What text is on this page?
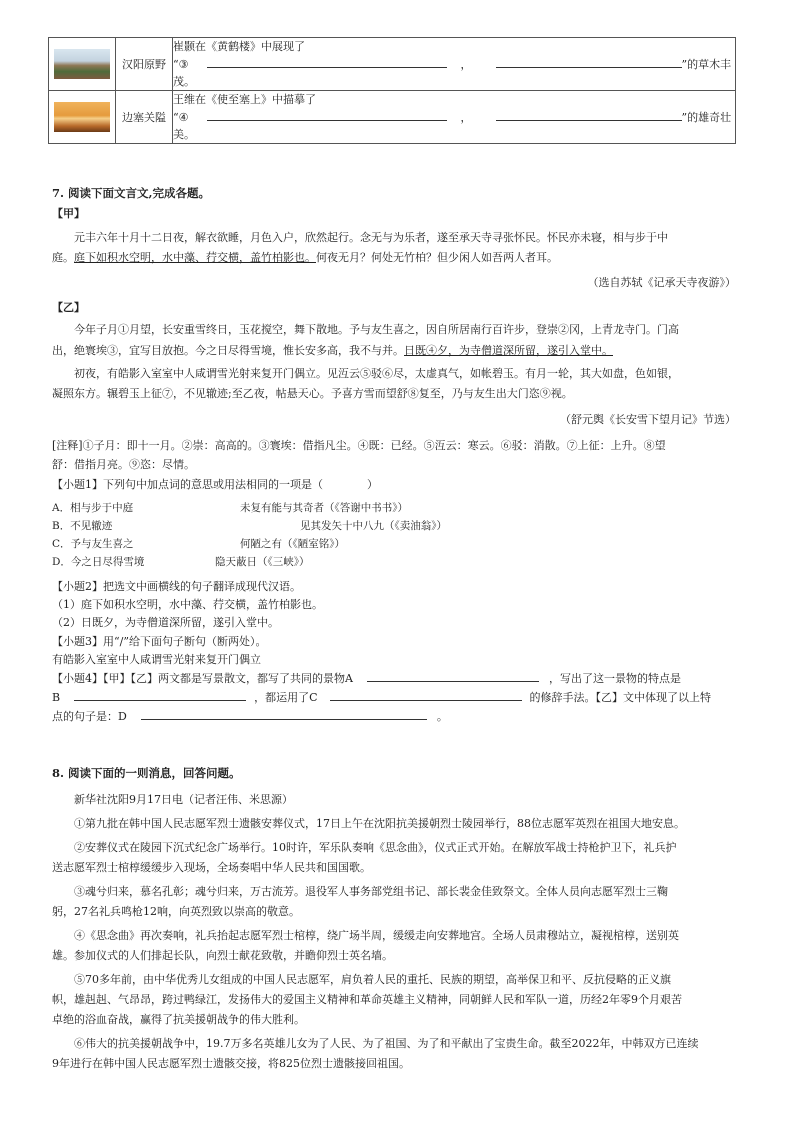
	汉阳原野	崔颢在《黄鹤楼》中展现了
“③ ， ”的草木丰
茂。

	边塞关隘	王维在《使至塞上》中描摹了
“④ ， ”的雄奇壮
美。
7. 阅读下面文言文,完成各题。
【甲】
元丰六年十月十二日夜，解衣欲睡，月色入户，欣然起行。念无与为乐者，遂至承天寺寻张怀民。怀民亦未寝，相与步于中
庭。庭下如积水空明，水中藻、荇交横，盖竹柏影也。何夜无月？何处无竹柏？但少闲人如吾两人者耳。
（选自苏轼《记承天寺夜游》）
【乙】
今年子月①月望，长安重雪终日，玉花搅空，舞下散地。予与友生喜之，因自所居南行百许步，登崇②冈，上青龙寺门。门高
出，绝寰埃③，宜写目放抱。今之日尽得雪境，惟长安多高，我不与并。日既④夕，为寺僧道深所留，遂引入堂中。
初夜，有皓影入室室中人咸谓雪光射来复开门偶立。见沍云⑤驳⑥尽，太虚真气，如帐碧玉。有月一轮，其大如盘，色如银，
凝照东方。辗碧玉上征⑦，不见辙迹;至乙夜，帖悬天心。予喜方雪而望舒⑧复至，乃与友生出大门恣⑨视。
（舒元舆《长安雪下望月记》节选）
[注释]①子月：即十一月。②崇：高高的。③寰埃：借指凡尘。④既：已经。⑤沍云：寒云。⑥驳：消散。⑦上征：上升。⑧望
舒：借指月亮。⑨恣：尽情。
【小题1】下列句中加点词的意思或用法相同的一项是（　　　　）
A．相与步于中庭	未复有能与其奇者（《答谢中书书》）
B．不见辙迹	见其发矢十中八九（《卖油翁》）
C．予与友生喜之	何陋之有（《陋室铭》）
D．今之日尽得雪境	隐天蔽日（《三峡》）
【小题2】把选文中画横线的句子翻译成现代汉语。
（1）庭下如积水空明，水中藻、荇交横，盖竹柏影也。
（2）日既夕，为寺僧道深所留，遂引入堂中。
【小题3】用“/”给下面句子断句（断两处）。
有皓影入室室中人咸谓雪光射来复开门偶立
【小题4】【甲】【乙】两文都是写景散文，都写了共同的景物A	，写出了这一景物的特点是
B	，都运用了C	的修辞手法。【乙】文中体现了以上特
点的句子是：D	。
8. 阅读下面的一则消息，回答问题。
新华社沈阳9月17日电（记者汪伟、米思源）
①第九批在韩中国人民志愿军烈士遗骸安葬仪式，17日上午在沈阳抗美援朝烈士陵园举行，88位志愿军英烈在祖国大地安息。
②安葬仪式在陵园下沉式纪念广场举行。10时许，军乐队奏响《思念曲》，仪式正式开始。在解放军战士持枪护卫下，礼兵护
送志愿军烈士棺椁缓缓步入现场，全场奏唱中华人民共和国国歌。
③魂兮归来，慕名孔彰；魂兮归来，万古流芳。退役军人事务部党组书记、部长裴金佳致祭文。全体人员向志愿军烈士三鞠
躬，27名礼兵鸣枪12响，向英烈致以崇高的敬意。
④《思念曲》再次奏响，礼兵抬起志愿军烈士棺椁，绕广场半周，缓缓走向安葬地宫。全场人员肃穆站立，凝视棺椁，送别英
雄。参加仪式的人们排起长队，向烈士献花致敬，并瞻仰烈士英名墙。
⑤70多年前，由中华优秀儿女组成的中国人民志愿军，肩负着人民的重托、民族的期望，高举保卫和平、反抗侵略的正义旗
帜，雄赳赳、气昂昂，跨过鸭绿江，发扬伟大的爱国主义精神和革命英雄主义精神，同朝鲜人民和军队一道，历经2年零9个月艰苦
卓绝的浴血奋战，赢得了抗美援朝战争的伟大胜利。
⑥伟大的抗美援朝战争中，19.7万多名英雄儿女为了人民、为了祖国、为了和平献出了宝贵生命。截至2022年，中韩双方已连续
9年进行在韩中国人民志愿军烈士遗骸交接，将825位烈士遗骸接回祖国。
